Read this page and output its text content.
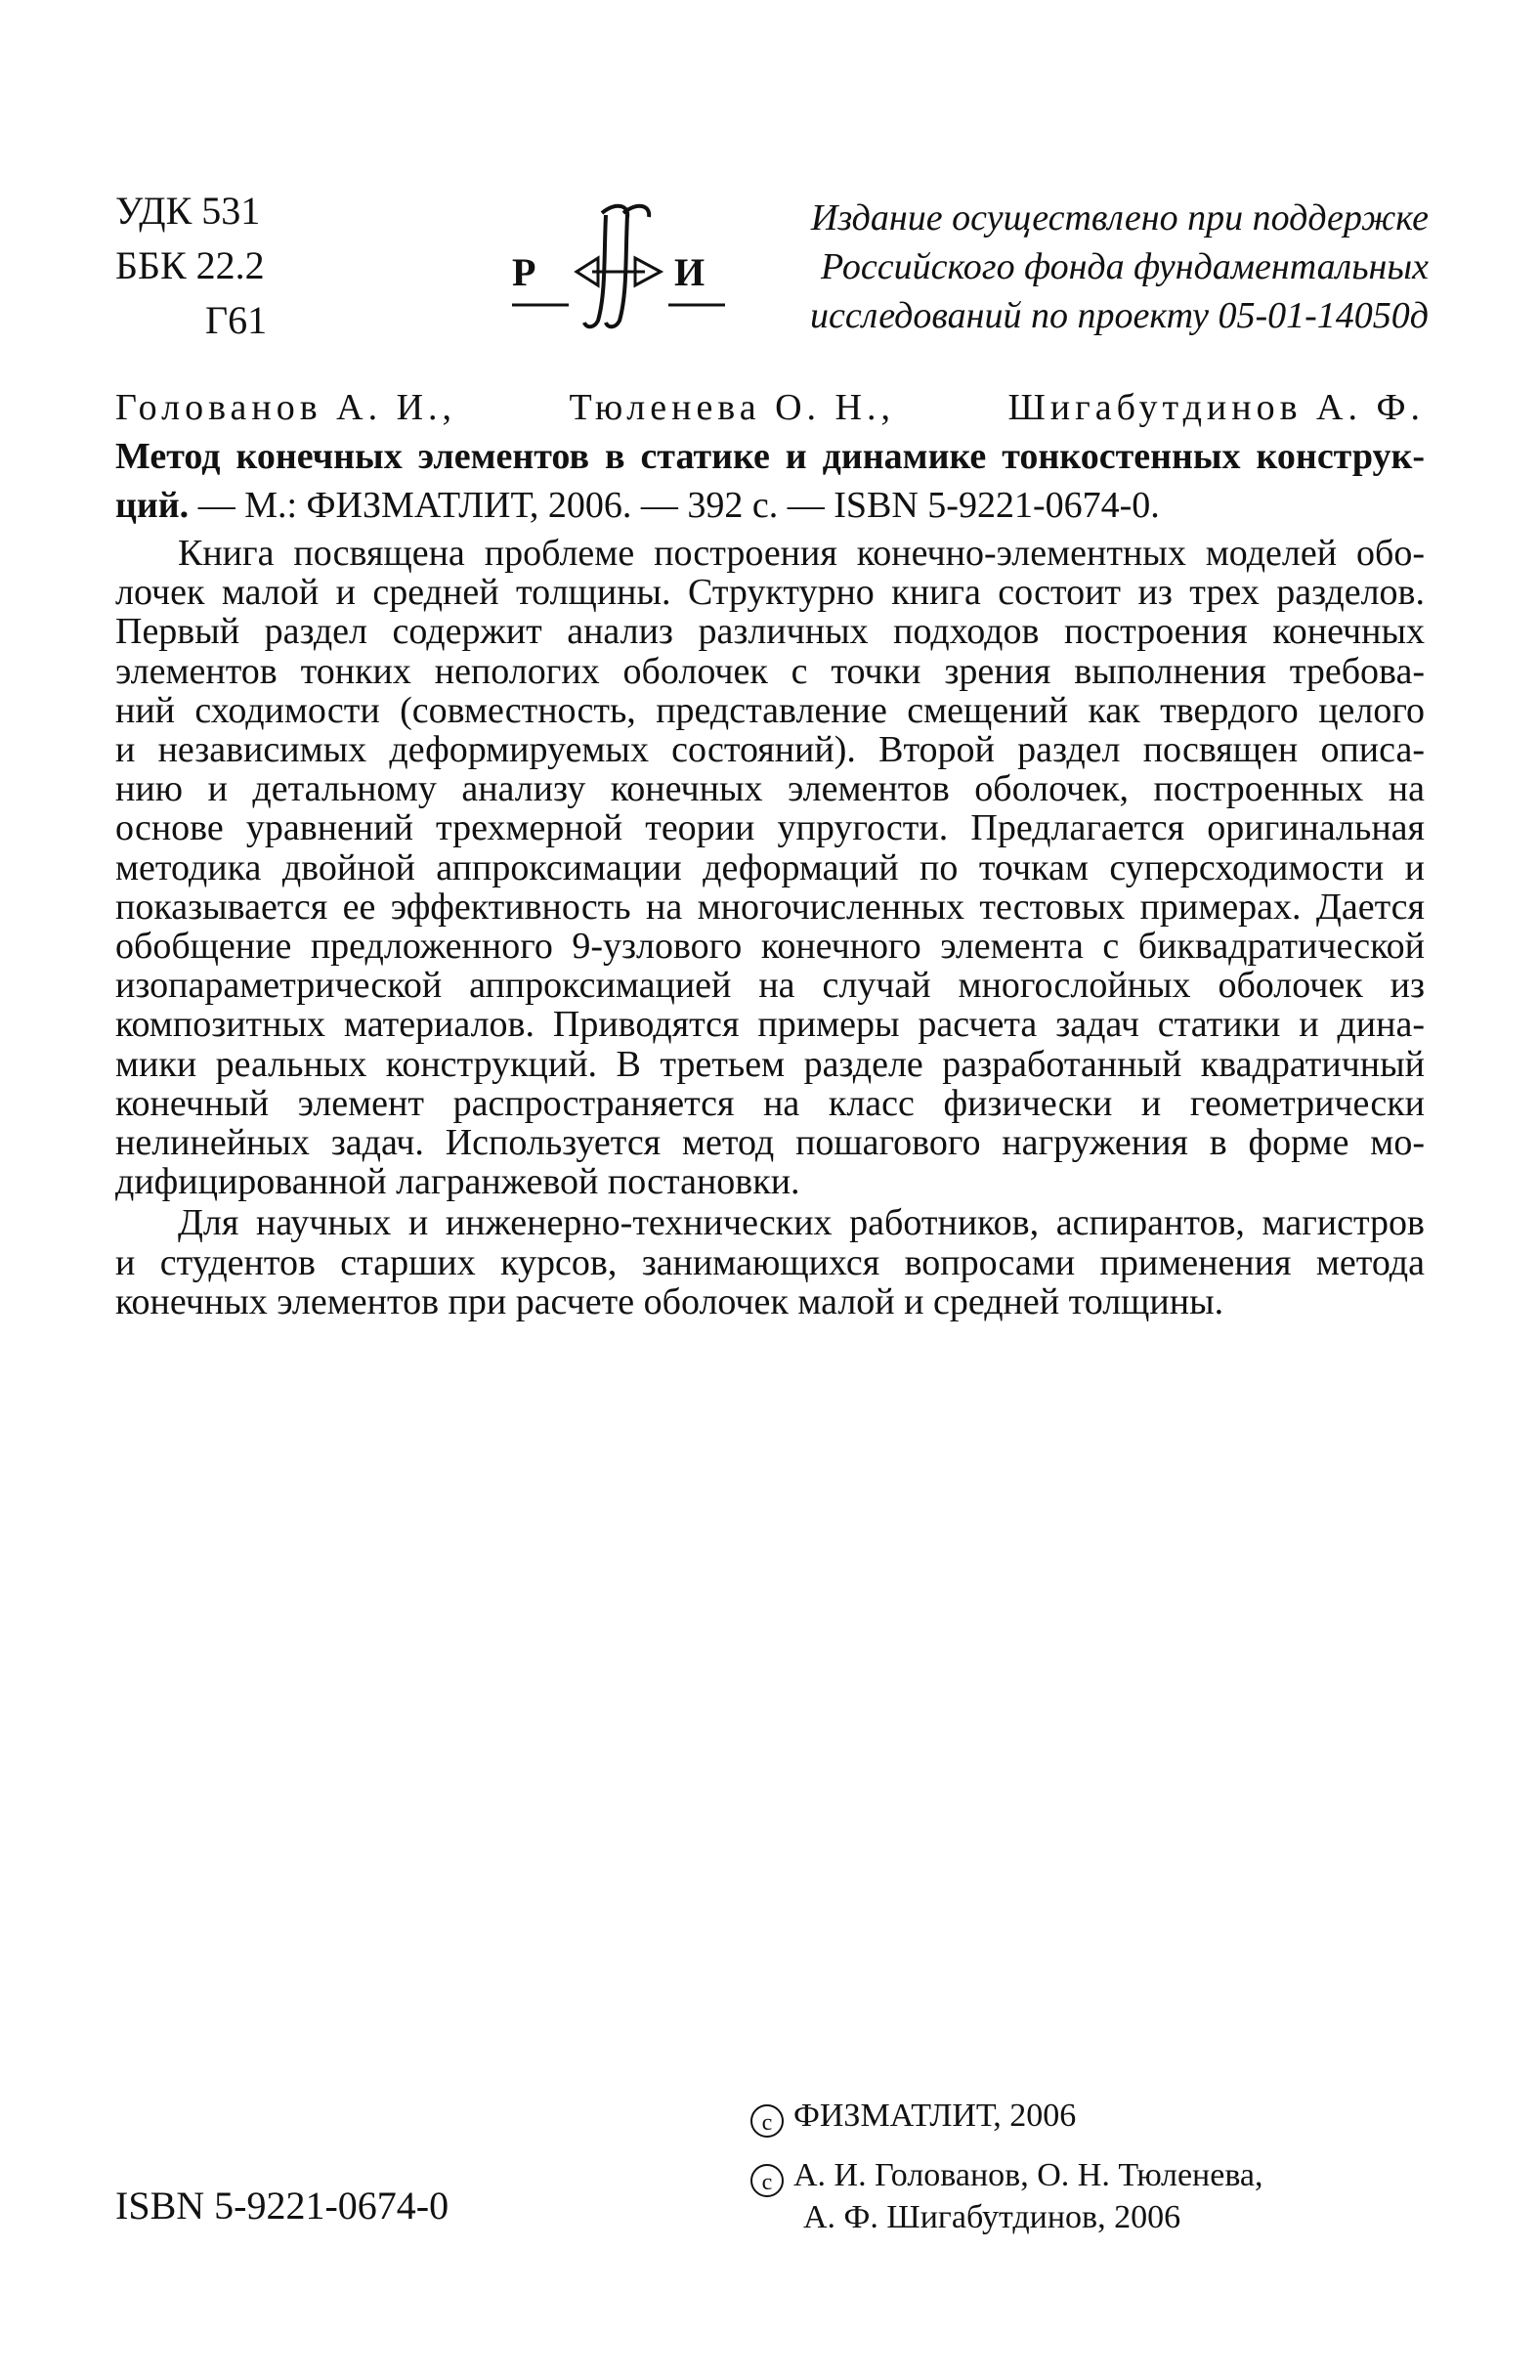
УДК 531
ББК 22.2
Г61
Р	И
Издание осуществлено при поддержке
Российского фонда фундаментальных
исследований по проекту 05-01-14050д
Голованов А. И.,	Тюленева О. Н.,	Шигабутдинов А. Ф.
Метод конечных элементов в статике и динамике тонкостенных конструк-
ций. — М.: ФИЗМАТЛИТ, 2006. — 392 с. — ISBN 5-9221-0674-0.
Книга посвящена проблеме построения конечно-элементных моделей обо-
лочек малой и средней толщины. Структурно книга состоит из трех разделов.
Первый раздел содержит анализ различных подходов построения конечных
элементов тонких непологих оболочек с точки зрения выполнения требова-
ний сходимости (совместность, представление смещений как твердого целого
и независимых деформируемых состояний). Второй раздел посвящен описа-
нию и детальному анализу конечных элементов оболочек, построенных на
основе уравнений трехмерной теории упругости. Предлагается оригинальная
методика двойной аппроксимации деформаций по точкам суперсходимости и
показывается ее эффективность на многочисленных тестовых примерах. Дается
обобщение предложенного 9-узлового конечного элемента с биквадратической
изопараметрической аппроксимацией на случай многослойных оболочек из
композитных материалов. Приводятся примеры расчета задач статики и дина-
мики реальных конструкций. В третьем разделе разработанный квадратичный
конечный элемент распространяется на класс физически и геометрически
нелинейных задач. Используется метод пошагового нагружения в форме мо-
дифицированной лагранжевой постановки.
Для научных и инженерно-технических работников, аспирантов, магистров
и студентов старших курсов, занимающихся вопросами применения метода
конечных элементов при расчете оболочек малой и средней толщины.
c ФИЗМАТЛИТ, 2006
c А. И. Голованов, О. Н. Тюленева,
А. Ф. Шигабутдинов, 2006
ISBN 5-9221-0674-0
